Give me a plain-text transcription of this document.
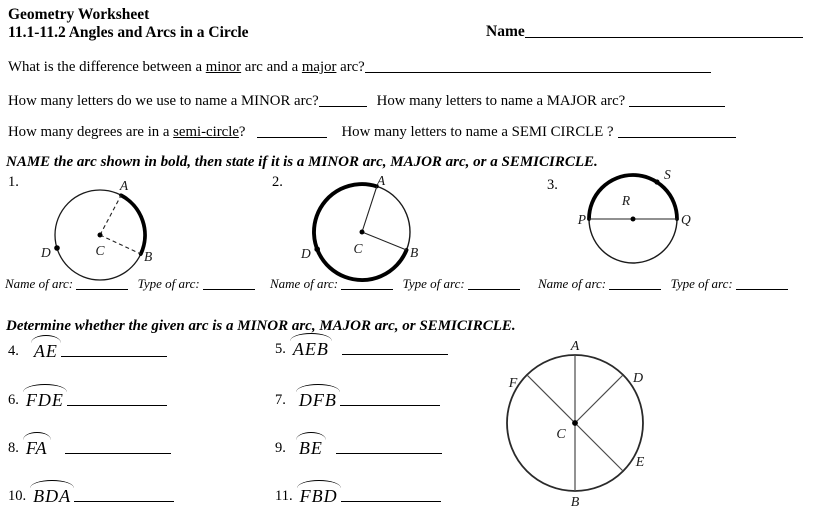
Geometry Worksheet
11.1-11.2 Angles and Arcs in a Circle	Name
What is the difference between a minor arc and a major arc?
How many letters do we use to name a MINOR arc?	How many letters to name a MAJOR arc?
How many degrees are in a semi-circle?	How many letters to name a SEMI CIRCLE ?
NAME the arc shown in bold, then state if it is a MINOR arc, MAJOR arc, or a SEMICIRCLE.
1.	2.	3.
A
B
C
D
A
B
C
D
P	Q
R
S
Name of arc:	Type of arc:	Name of arc:	Type of arc:	Name of arc:	Type of arc:
Determine whether the given arc is a MINOR arc, MAJOR arc, or SEMICIRCLE.
4. AE	5. AEB
6. FDE	7. DFB
8. FA	9. BE
10. BDA	11. FBD
A
B
C
D
E
F
